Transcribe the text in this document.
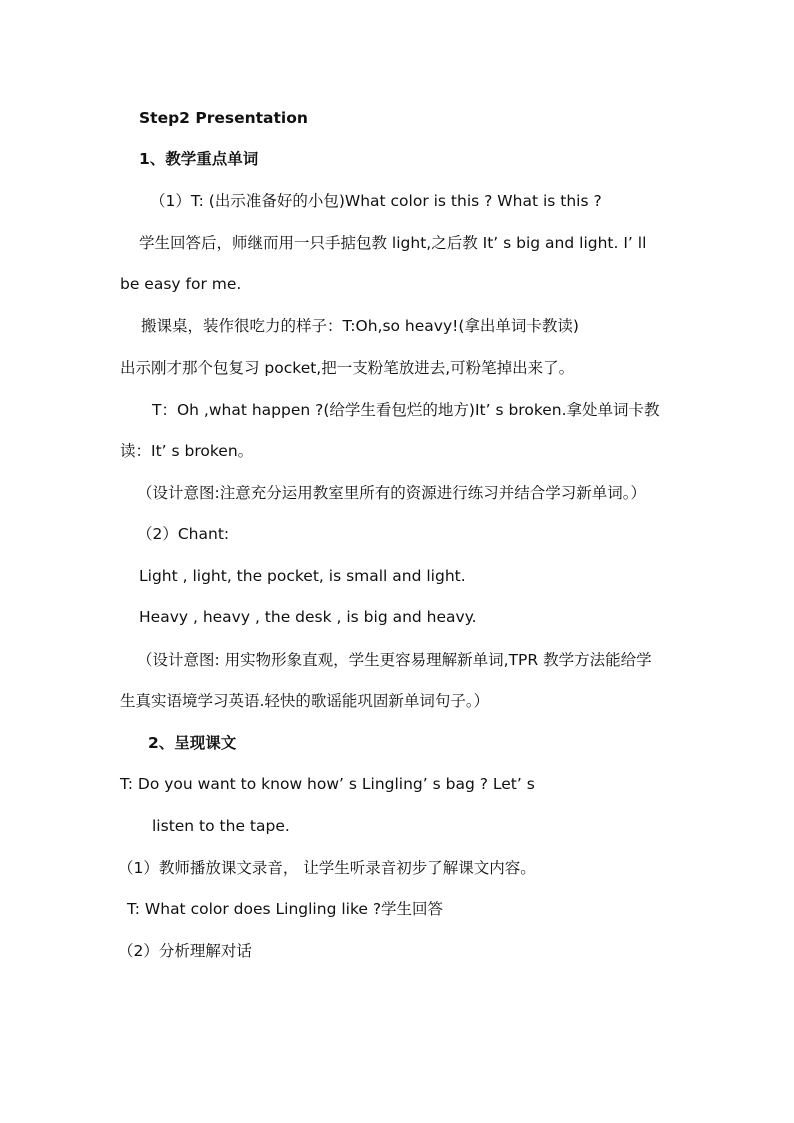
Step2 Presentation
1、教学重点单词
（1）T: (出示准备好的小包)What color is this ? What is this ?
学生回答后，师继而用一只手掂包教 light,之后教 It’ s big and light. I’ ll
be easy for me.
搬课桌，装作很吃力的样子：T:Oh,so heavy!(拿出单词卡教读)
出示刚才那个包复习 pocket,把一支粉笔放进去,可粉笔掉出来了。
T：Oh ,what happen ?(给学生看包烂的地方)It’ s broken.拿处单词卡教
读：It’ s broken。
（设计意图:注意充分运用教室里所有的资源进行练习并结合学习新单词。）
（2）Chant:
Light , light, the pocket, is small and light.
Heavy , heavy , the desk , is big and heavy.
（设计意图: 用实物形象直观，学生更容易理解新单词,TPR 教学方法能给学
生真实语境学习英语.轻快的歌谣能巩固新单词句子。）
2、呈现课文
T: Do you want to know how’ s Lingling’ s bag ? Let’ s
listen to the tape.
（1）教师播放课文录音， 让学生听录音初步了解课文内容。
T: What color does Lingling like ?学生回答
（2）分析理解对话
